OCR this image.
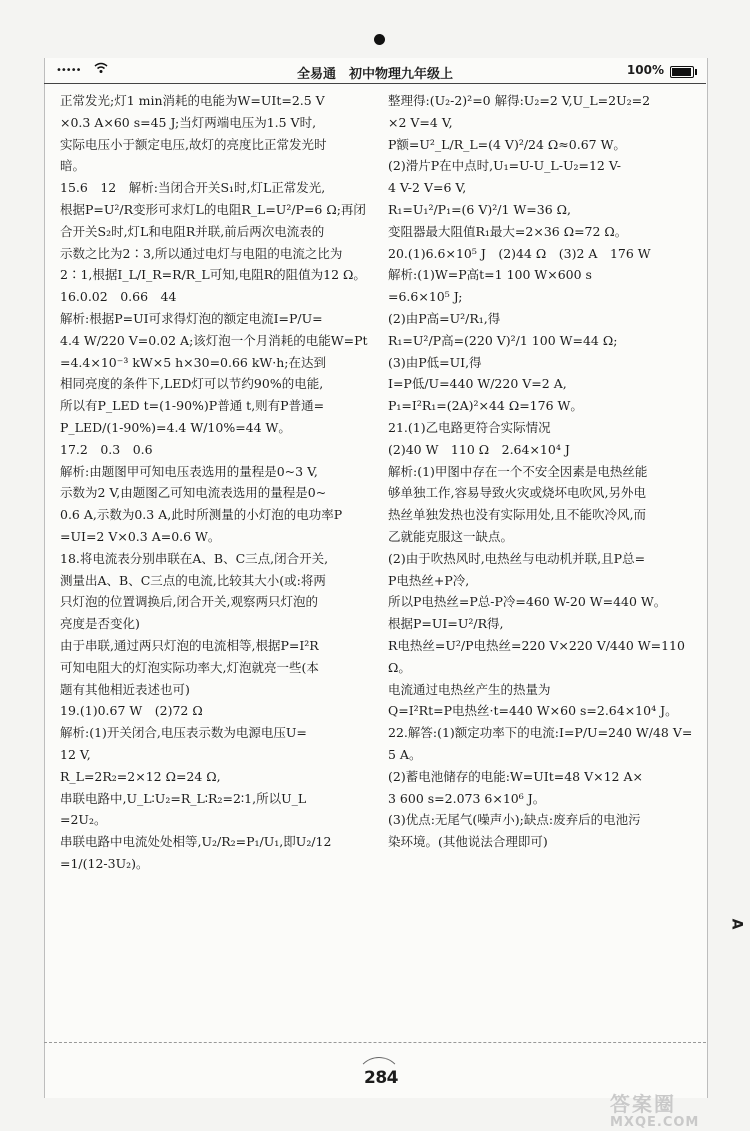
•••••	全易通　初中物理九年级上	100%

正常发光;灯1 min消耗的电能为W=UIt=2.5 V

×0.3 A×60 s=45 J;当灯两端电压为1.5 V时,

实际电压小于额定电压,故灯的亮度比正常发光时

暗。

15.6　12　解析:当闭合开关S₁时,灯L正常发光,

根据P=U²/R变形可求灯L的电阻R_L=U²/P=6 Ω;再闭

合开关S₂时,灯L和电阻R并联,前后两次电流表的

示数之比为2∶3,所以通过电灯与电阻的电流之比为

2∶1,根据I_L/I_R=R/R_L可知,电阻R的阻值为12 Ω。

16.0.02　0.66　44

解析:根据P=UI可求得灯泡的额定电流I=P/U=

4.4 W/220 V=0.02 A;该灯泡一个月消耗的电能W=Pt

=4.4×10⁻³ kW×5 h×30=0.66 kW·h;在达到

相同亮度的条件下,LED灯可以节约90%的电能,

所以有P_LED t=(1-90%)P普通 t,则有P普通=

P_LED/(1-90%)=4.4 W/10%=44 W。

17.2　0.3　0.6

解析:由题图甲可知电压表选用的量程是0~3 V,

示数为2 V,由题图乙可知电流表选用的量程是0~

0.6 A,示数为0.3 A,此时所测量的小灯泡的电功率P

=UI=2 V×0.3 A=0.6 W。

18.将电流表分别串联在A、B、C三点,闭合开关,

测量出A、B、C三点的电流,比较其大小(或:将两

只灯泡的位置调换后,闭合开关,观察两只灯泡的

亮度是否变化)

由于串联,通过两只灯泡的电流相等,根据P=I²R

可知电阻大的灯泡实际功率大,灯泡就亮一些(本

题有其他相近表述也可)

19.(1)0.67 W　(2)72 Ω

解析:(1)开关闭合,电压表示数为电源电压U=

12 V,

R_L=2R₂=2×12 Ω=24 Ω,

串联电路中,U_L∶U₂=R_L∶R₂=2∶1,所以U_L

=2U₂。

串联电路中电流处处相等,U₂/R₂=P₁/U₁,即U₂/12

=1/(12-3U₂)。

整理得:(U₂-2)²=0 解得:U₂=2 V,U_L=2U₂=2

×2 V=4 V,

P额=U²_L/R_L=(4 V)²/24 Ω≈0.67 W。

(2)滑片P在中点时,U₁=U-U_L-U₂=12 V-

4 V-2 V=6 V,

R₁=U₁²/P₁=(6 V)²/1 W=36 Ω,

变阻器最大阻值R₁最大=2×36 Ω=72 Ω。

20.(1)6.6×10⁵ J　(2)44 Ω　(3)2 A　176 W

解析:(1)W=P高t=1 100 W×600 s

=6.6×10⁵ J;

(2)由P高=U²/R₁,得

R₁=U²/P高=(220 V)²/1 100 W=44 Ω;

(3)由P低=UI,得

I=P低/U=440 W/220 V=2 A,

P₁=I²R₁=(2A)²×44 Ω=176 W。

21.(1)乙电路更符合实际情况

(2)40 W　110 Ω　2.64×10⁴ J

解析:(1)甲图中存在一个不安全因素是电热丝能

够单独工作,容易导致火灾或烧坏电吹风,另外电

热丝单独发热也没有实际用处,且不能吹冷风,而

乙就能克服这一缺点。

(2)由于吹热风时,电热丝与电动机并联,且P总=

P电热丝+P冷,

所以P电热丝=P总-P冷=460 W-20 W=440 W。

根据P=UI=U²/R得,

R电热丝=U²/P电热丝=220 V×220 V/440 W=110 Ω。

电流通过电热丝产生的热量为

Q=I²Rt=P电热丝·t=440 W×60 s=2.64×10⁴ J。

22.解答:(1)额定功率下的电流:I=P/U=240 W/48 V=

5 A。

(2)蓄电池储存的电能:W=UIt=48 V×12 A×

3 600 s=2.073 6×10⁶ J。

(3)优点:无尾气(噪声小);缺点:废弃后的电池污

染环境。(其他说法合理即可)

A
284
答案圈
MXQE.COM
